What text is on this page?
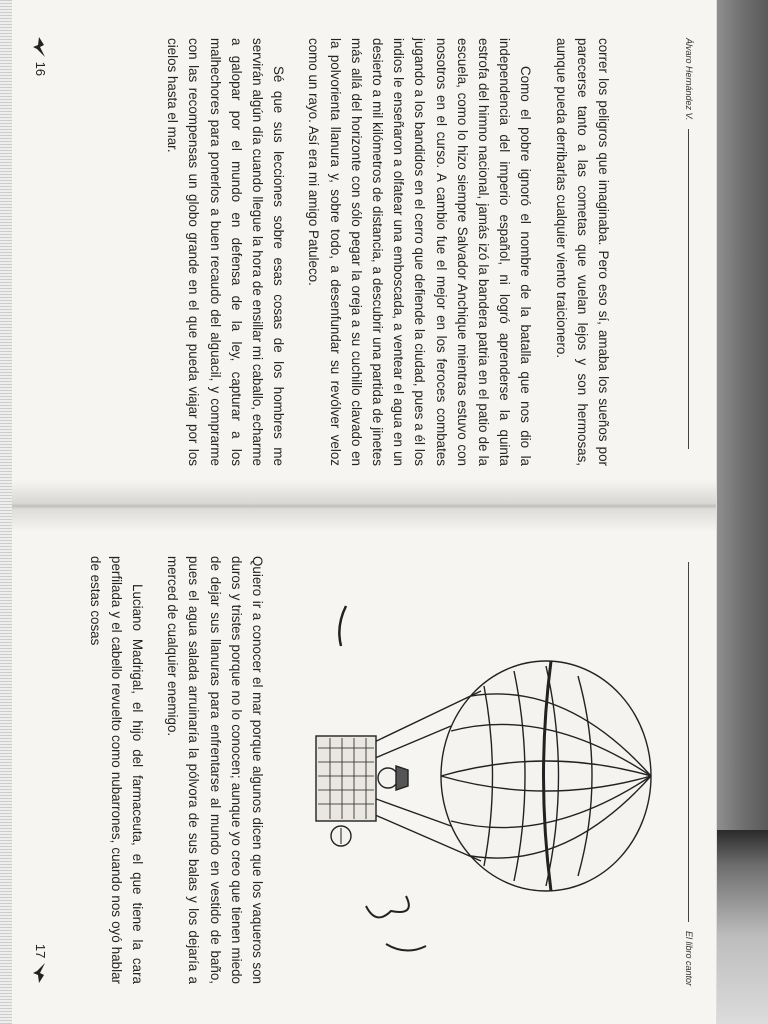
Álvaro Hernández V.

correr los peligros que imaginaba. Pero eso sí, amaba los sueños por parecerse tanto a las cometas que vuelan lejos y son hermosas, aunque pueda derribarlas cualquier viento traicionero.

Como el pobre ignoró el nombre de la batalla que nos dio la independencia del imperio español, ni logró aprenderse la quinta estrofa del himno nacional, jamás izó la bandera patria en el patio de la escuela, como lo hizo siempre Salvador Anchique mientras estuvo con nosotros en el curso. A cambio fue el mejor en los feroces combates jugando a los bandidos en el cerro que defiende la ciudad, pues a él los indios le enseñaron a olfatear una emboscada, a ventear el agua en un desierto a mil kilómetros de distancia, a descubrir una partida de jinetes más allá del horizonte con sólo pegar la oreja a su cuchillo clavado en la polvorienta llanura y, sobre todo, a desenfundar su revólver veloz como un rayo. Así era mi amigo Patuleco.

Sé que sus lecciones sobre esas cosas de los hombres me servirán algún día cuando llegue la hora de ensillar mi caballo, echarme a galopar por el mundo en defensa de la ley, capturar a los malhechores para ponerlos a buen recaudo del alguacil, y comprarme con las recompensas un globo grande en el que pueda viajar por los cielos hasta el mar.

16
El libro cantor

Quiero ir a conocer el mar porque algunos dicen que los vaqueros son duros y tristes porque no lo conocen; aunque yo creo que tienen miedo de dejar sus llanuras para enfrentarse al mundo en vestido de baño, pues el agua salada arruinaría la pólvora de sus balas y los dejaría a merced de cualquier enemigo.

Luciano Madrigal, el hijo del farmaceuta, el que tiene la cara perfilada y el cabello revuelto como nubarrones, cuando nos oyó hablar de estas cosas

17
